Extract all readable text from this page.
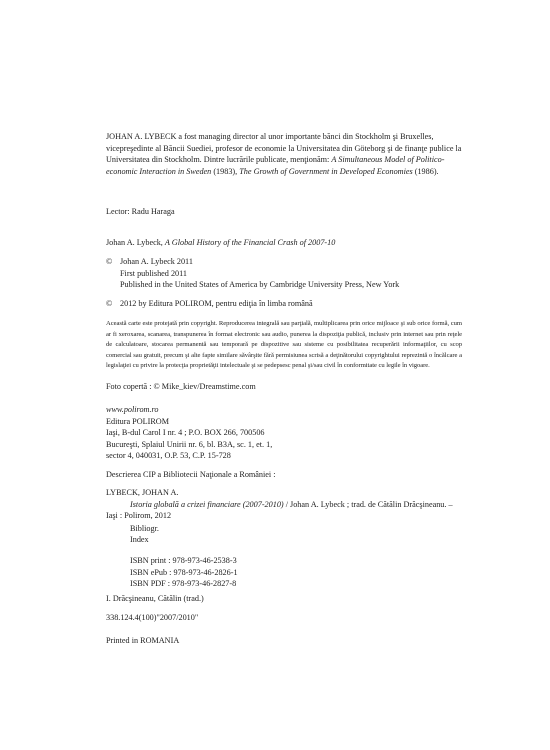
JOHAN A. LYBECK a fost managing director al unor importante bănci din Stockholm şi Bruxelles, vicepreşedinte al Băncii Suediei, profesor de economie la Universitatea din Göteborg şi de finanţe publice la Universitatea din Stockholm. Dintre lucrările publicate, menţionăm: A Simultaneous Model of Politico-economic Interaction in Sweden (1983), The Growth of Government in Developed Economies (1986).

Lector: Radu Haraga
Johan A. Lybeck, A Global History of the Financial Crash of 2007-10
© Johan A. Lybeck 2011
First published 2011
Published in the United States of America by Cambridge University Press, New York
© 2012 by Editura POLIROM, pentru ediţia în limba română
Această carte este protejată prin copyright. Reproducerea integrală sau parţială, multiplicarea prin orice mijloace şi sub orice formă, cum ar fi xeroxarea, scanarea, transpunerea în format electronic sau audio, punerea la dispoziţia publică, inclusiv prin internet sau prin reţele de calculatoare, stocarea permanentă sau temporară pe dispozitive sau sisteme cu posibilitatea recuperării informaţiilor, cu scop comercial sau gratuit, precum şi alte fapte similare săvârşite fără permisiunea scrisă a deţinătorului copyrightului reprezintă o încălcare a legislaţiei cu privire la protecţia proprietăţii intelectuale şi se pedepsesc penal şi/sau civil în conformitate cu legile în vigoare.
Foto copertă : © Mike_kiev/Dreamstime.com
www.polirom.ro
Editura POLIROM
Iaşi, B-dul Carol I nr. 4 ; P.O. BOX 266, 700506
Bucureşti, Splaiul Unirii nr. 6, bl. B3A, sc. 1, et. 1,
sector 4, 040031, O.P. 53, C.P. 15-728
Descrierea CIP a Bibliotecii Naţionale a României :
LYBECK, JOHAN A.
Istoria globală a crizei financiare (2007-2010) / Johan A. Lybeck ; trad. de Cătălin Drăcşineanu. –
Iaşi : Polirom, 2012
Bibliogr.
Index
ISBN print : 978-973-46-2538-3
ISBN ePub : 978-973-46-2826-1
ISBN PDF : 978-973-46-2827-8
I. Drăcşineanu, Cătălin (trad.)
338.124.4(100)"2007/2010"
Printed in ROMANIA
